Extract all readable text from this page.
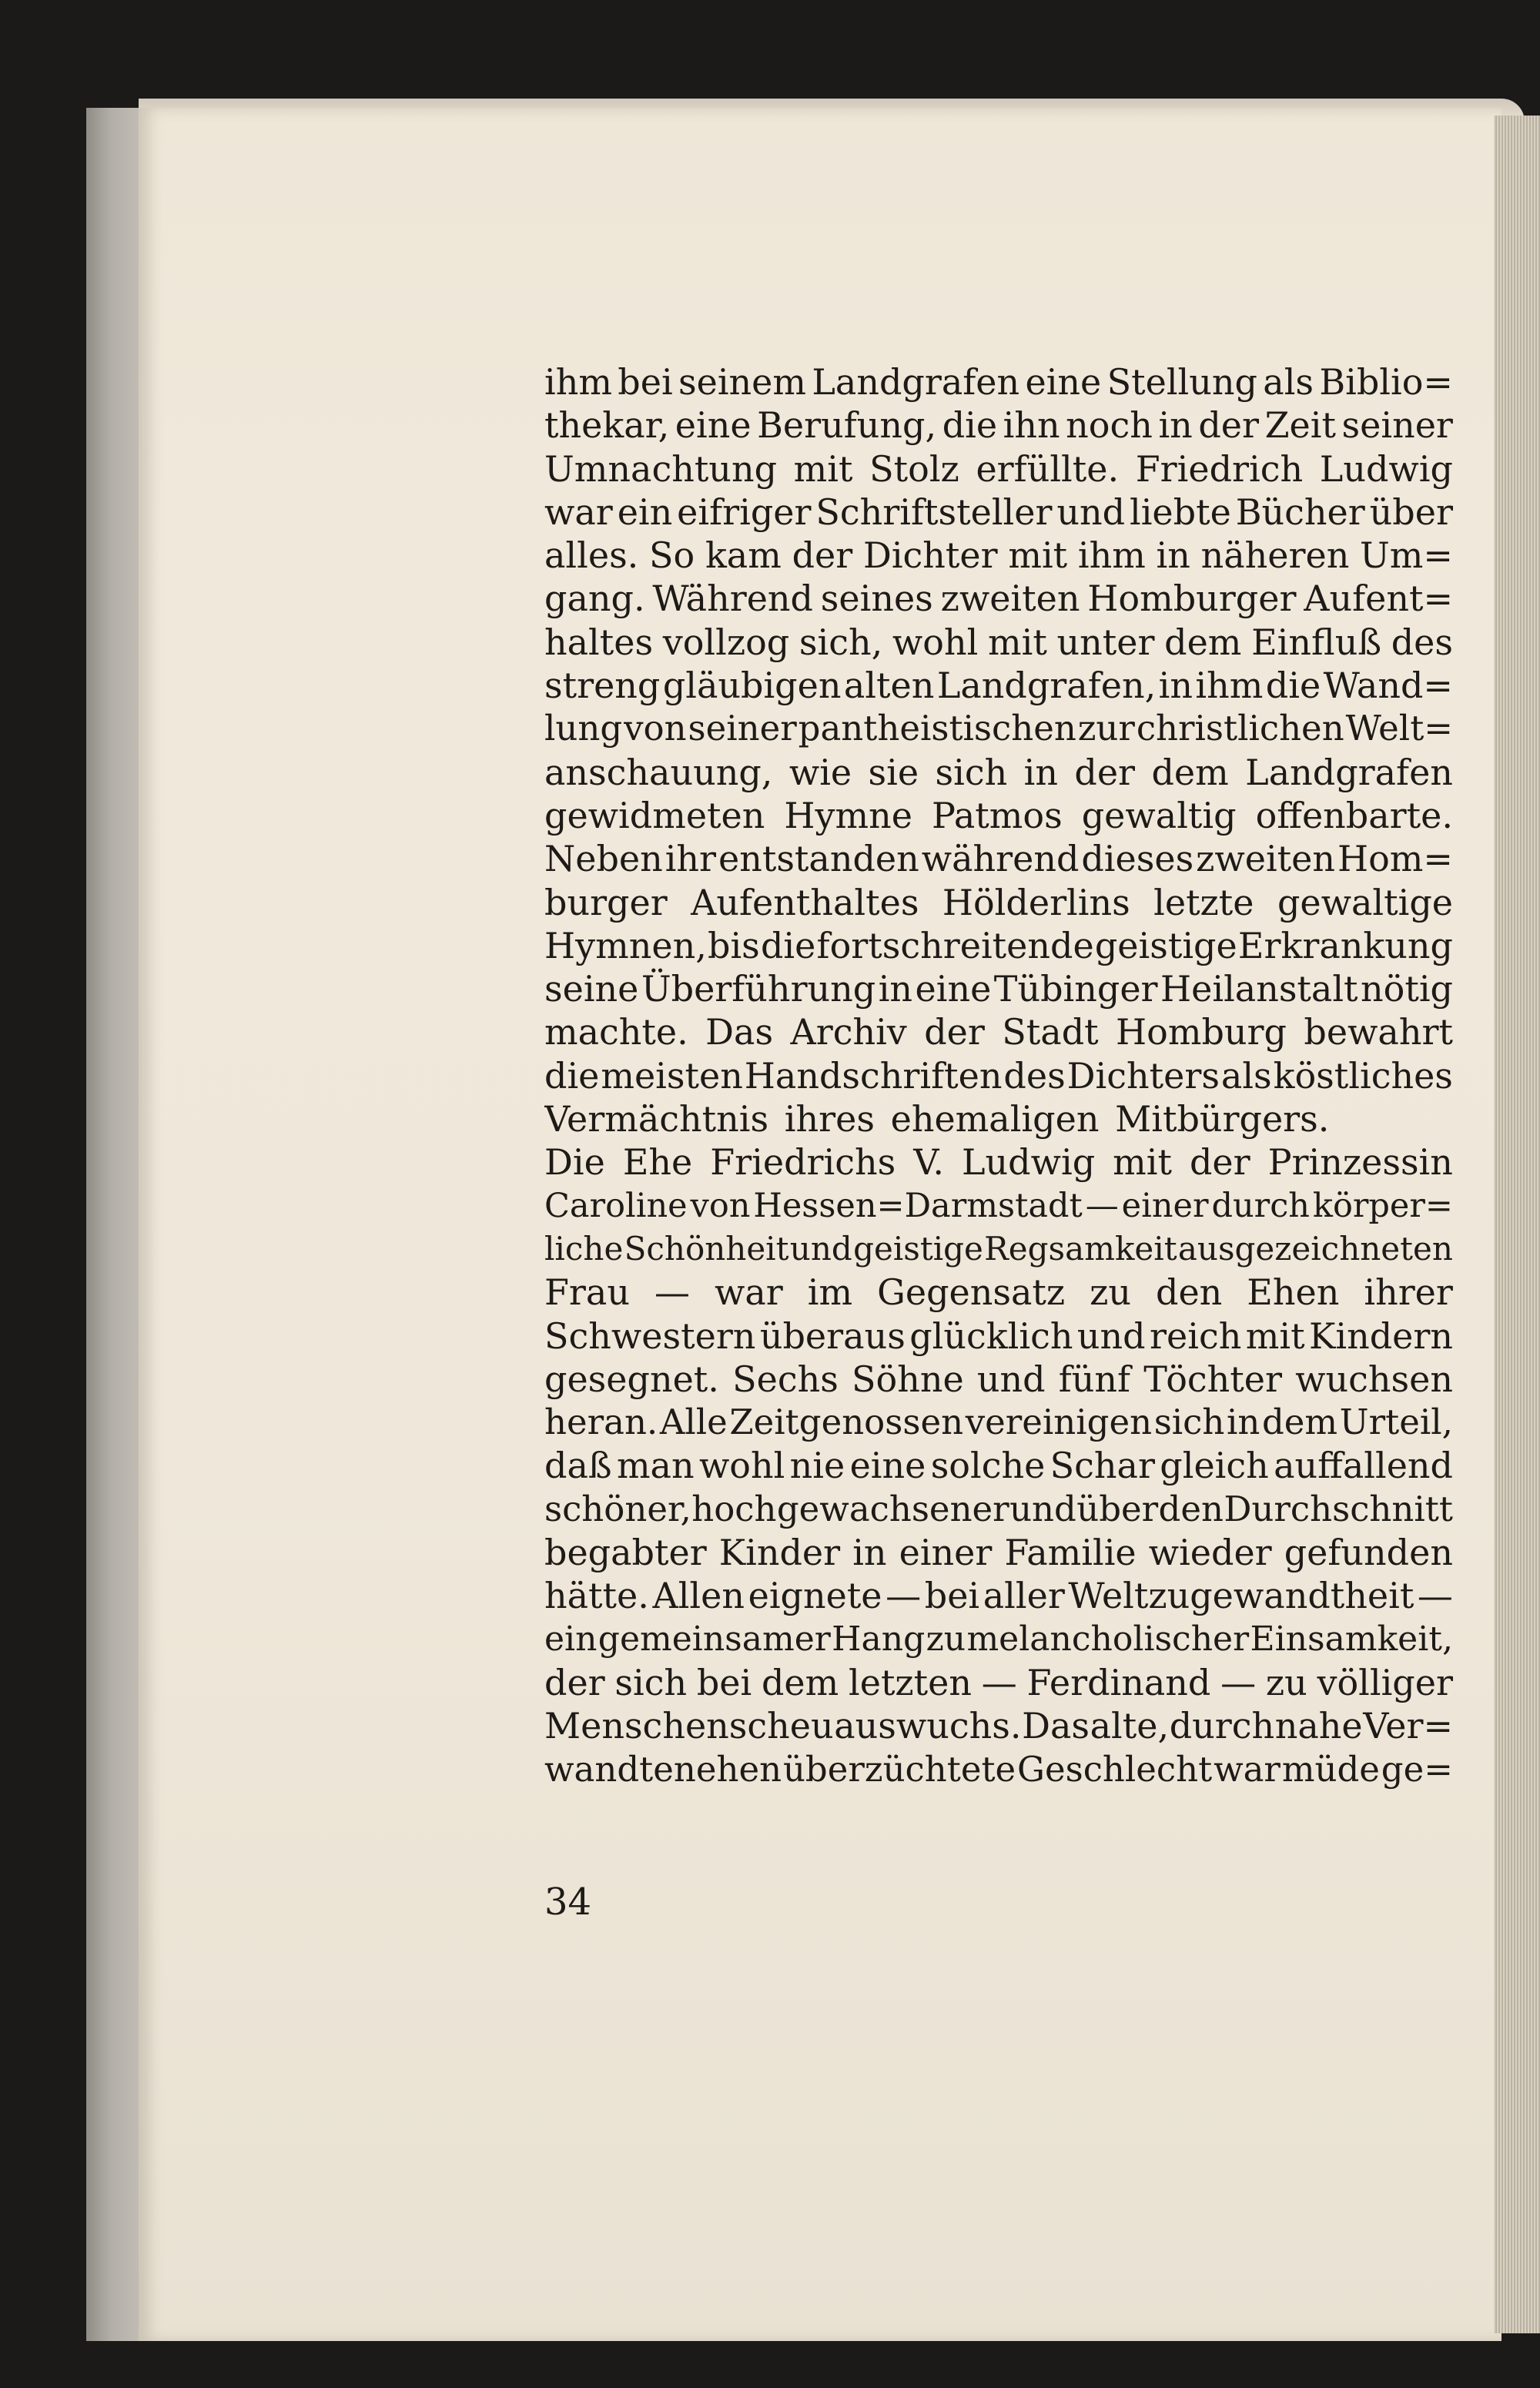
ihm bei seinem Landgrafen eine Stellung als Biblio=
thekar, eine Berufung, die ihn noch in der Zeit seiner
Umnachtung mit Stolz erfüllte. Friedrich Ludwig
war ein eifriger Schriftsteller und liebte Bücher über
alles. So kam der Dichter mit ihm in näheren Um=
gang. Während seines zweiten Homburger Aufent=
haltes vollzog sich, wohl mit unter dem Einfluß des
streng gläubigen alten Landgrafen, in ihm die Wand=
lung von seiner pantheistischen zur christlichen Welt=
anschauung, wie sie sich in der dem Landgrafen
gewidmeten Hymne Patmos gewaltig offenbarte.
Neben ihr entstanden während dieses zweiten Hom=
burger Aufenthaltes Hölderlins letzte gewaltige
Hymnen, bis die fortschreitende geistige Erkrankung
seine Überführung in eine Tübinger Heilanstalt nötig
machte. Das Archiv der Stadt Homburg bewahrt
die meisten Handschriften des Dichters als köstliches
Vermächtnis ihres ehemaligen Mitbürgers.
Die Ehe Friedrichs V. Ludwig mit der Prinzessin
Caroline von Hessen=Darmstadt — einer durch körper=
liche Schönheit und geistige Regsamkeit ausgezeichneten
Frau — war im Gegensatz zu den Ehen ihrer
Schwestern überaus glücklich und reich mit Kindern
gesegnet. Sechs Söhne und fünf Töchter wuchsen
heran. Alle Zeitgenossen vereinigen sich in dem Urteil,
daß man wohl nie eine solche Schar gleich auffallend
schöner, hoch gewachsener und über den Durchschnitt
begabter Kinder in einer Familie wieder gefunden
hätte. Allen eignete — bei aller Weltzugewandtheit —
ein gemeinsamer Hang zu melancholischer Einsamkeit,
der sich bei dem letzten — Ferdinand — zu völliger
Menschenscheu auswuchs. Das alte, durch nahe Ver=
wandtenehen überzüchtete Geschlecht war müde ge=
34
